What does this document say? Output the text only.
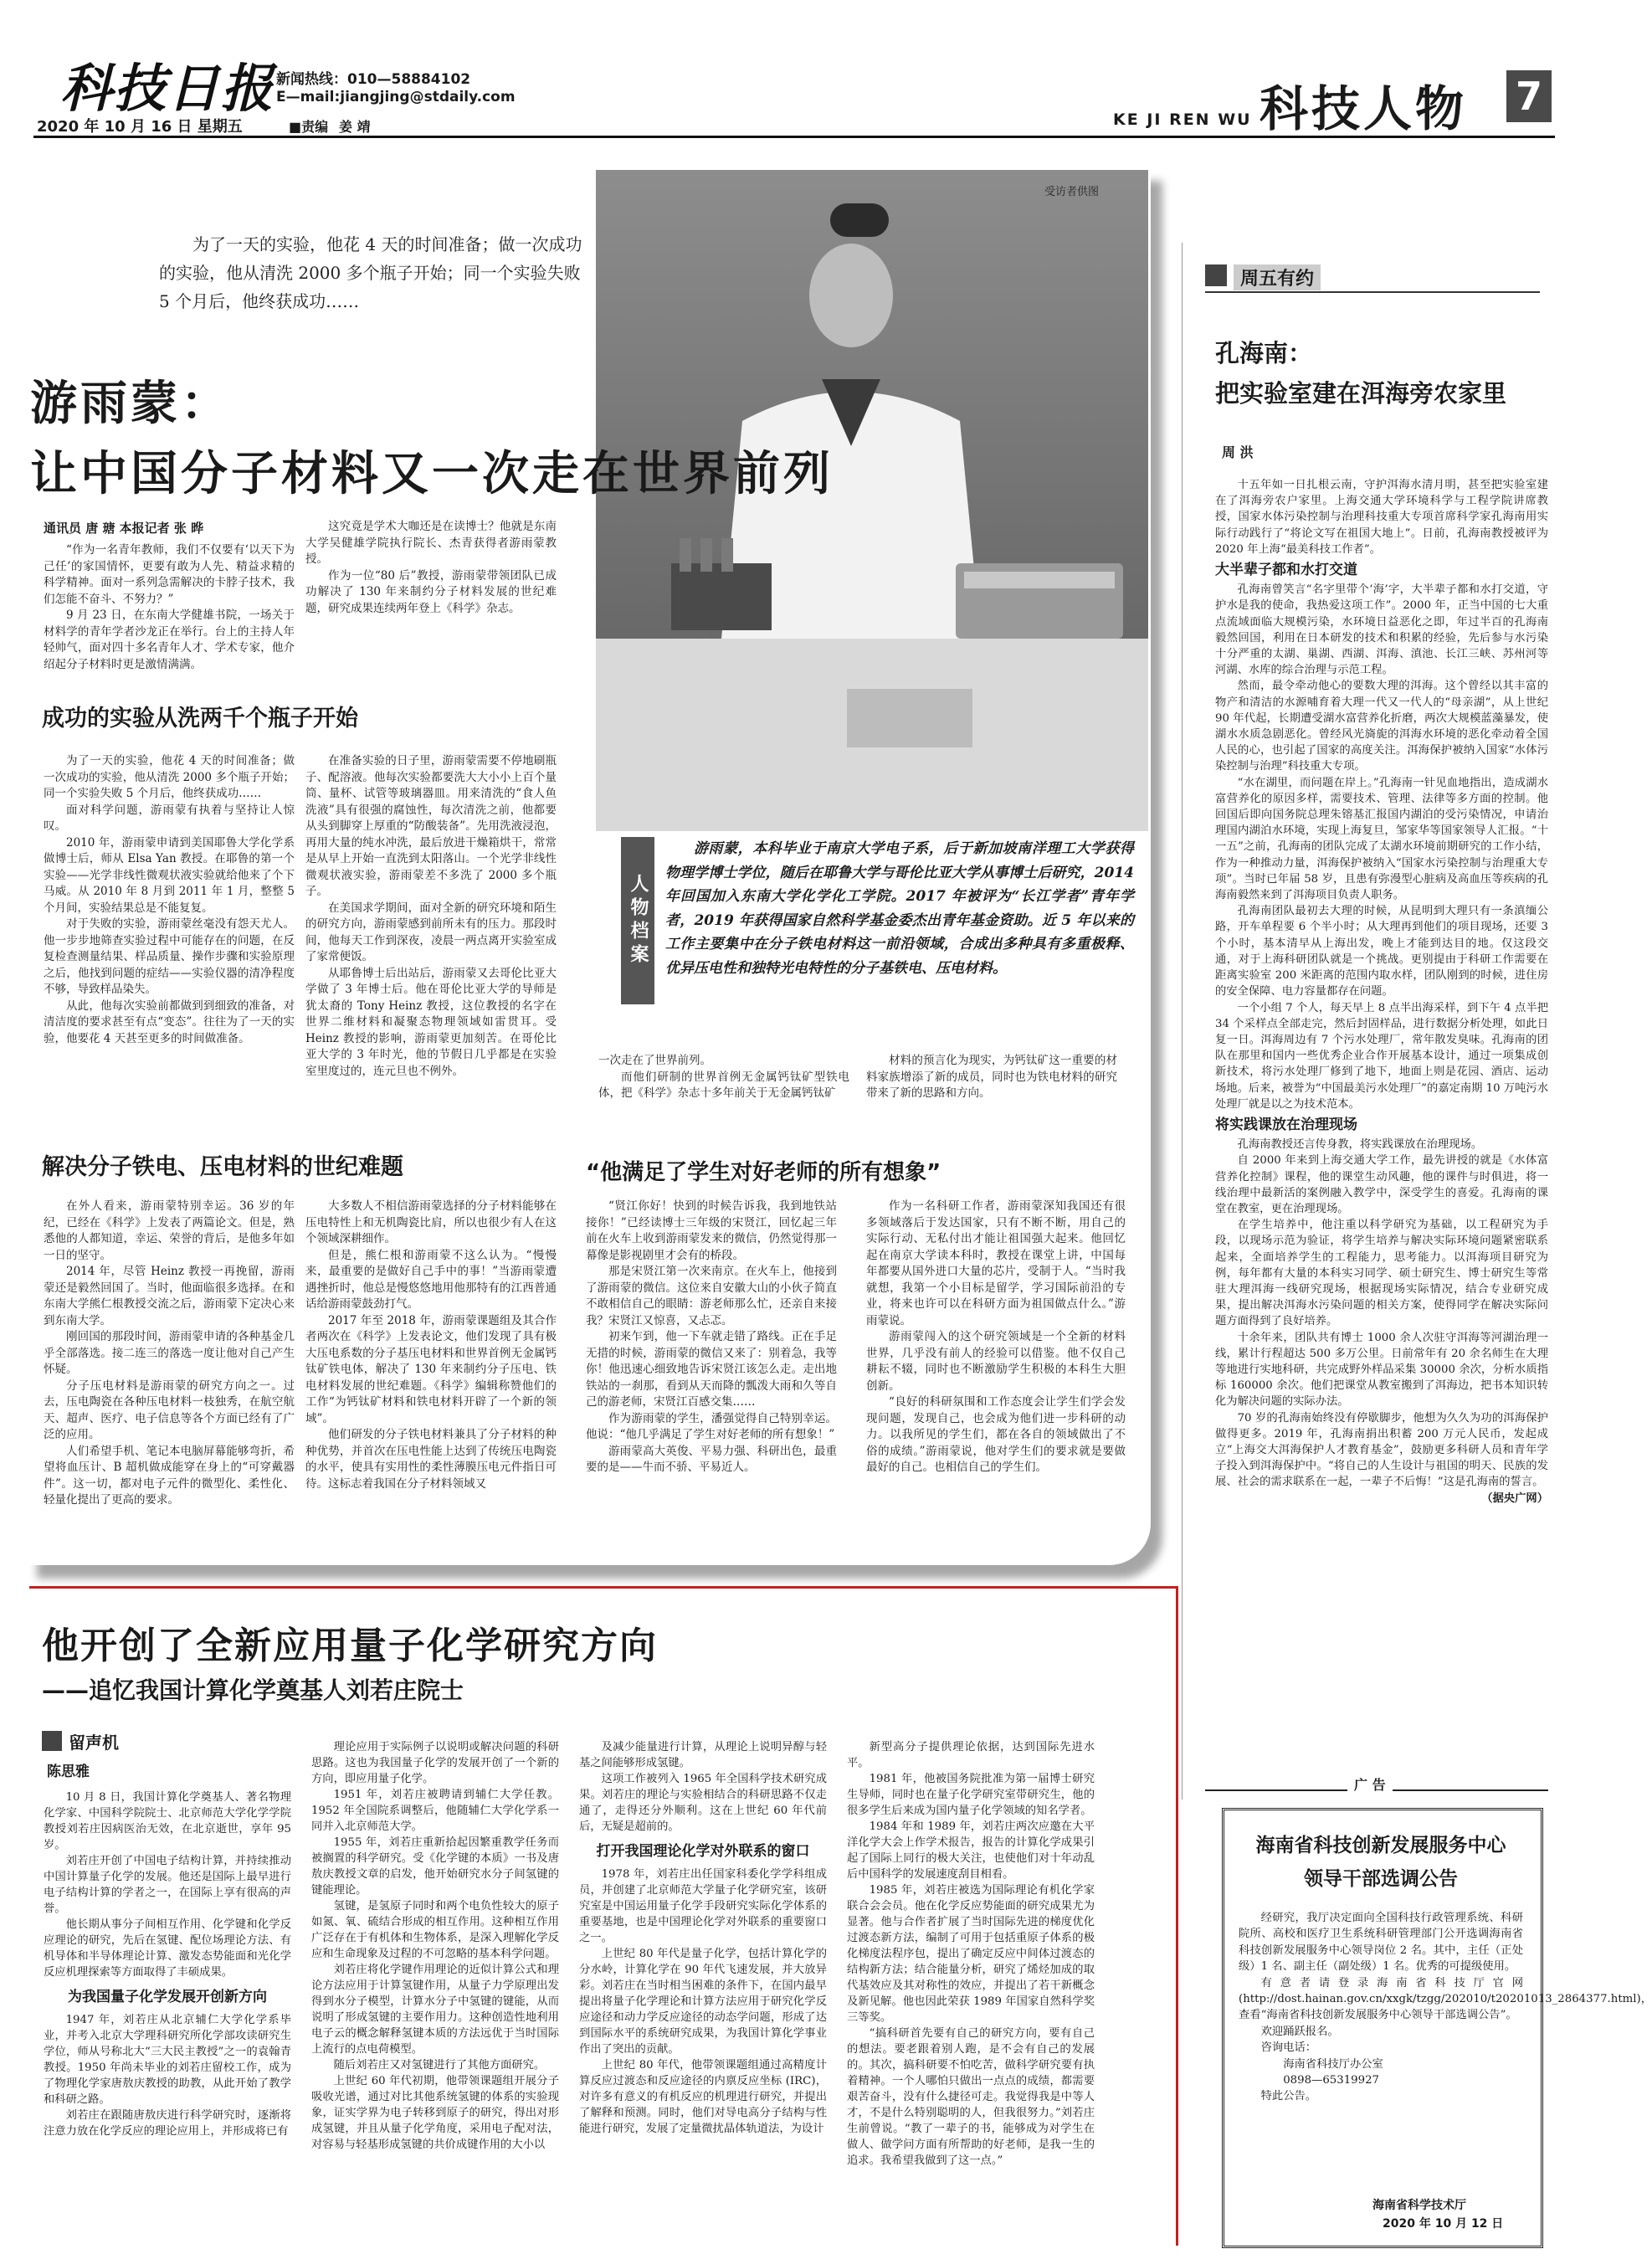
科技日报 新闻热线：010—58884102
E—mail:jiangjing@stdaily.com
2020 年 10 月 16 日 星期五	■责编 姜 靖	KE JI REN WU 科技人物 7
受访者供图
为了一天的实验，他花 4 天的时间准备；做一次成功的实验，他从清洗 2000 多个瓶子开始；同一个实验失败 5 个月后，他终获成功……
游雨蒙：
让中国分子材料又一次走在世界前列
通讯员 唐 瑭 本报记者 张 晔

“作为一名青年教师，我们不仅要有‘以天下为己任’的家国情怀，更要有敢为人先、精益求精的科学精神。面对一系列急需解决的卡脖子技术，我们怎能不奋斗、不努力？”

9 月 23 日，在东南大学健雄书院，一场关于材料学的青年学者沙龙正在举行。台上的主持人年轻帅气，面对四十多名青年人才、学术专家，他介绍起分子材料时更是激情满满。

这究竟是学术大咖还是在读博士？他就是东南大学吴健雄学院执行院长、杰青获得者游雨蒙教授。

作为一位“80 后”教授，游雨蒙带领团队已成功解决了 130 年来制约分子材料发展的世纪难题，研究成果连续两年登上《科学》杂志。

成功的实验从洗两千个瓶子开始

为了一天的实验，他花 4 天的时间准备；做一次成功的实验，他从清洗 2000 多个瓶子开始；同一个实验失败 5 个月后，他终获成功……

面对科学问题，游雨蒙有执着与坚持让人惊叹。

2010 年，游雨蒙申请到美国耶鲁大学化学系做博士后，师从 Elsa Yan 教授。在耶鲁的第一个实验——光学非线性微观状液实验就给他来了个下马威。从 2010 年 8 月到 2011 年 1 月，整整 5 个月间，实验结果总是不能复复。

对于失败的实验，游雨蒙丝毫没有怨天尤人。他一步步地筛查实验过程中可能存在的问题，在反复检查测量结果、样品质量、操作步骤和实验原理之后，他找到问题的症结——实验仪器的清净程度不够，导致样品染失。

从此，他每次实验前都做到到细致的准备，对清洁度的要求甚至有点“变态”。往往为了一天的实验，他要花 4 天甚至更多的时间做准备。

在准备实验的日子里，游雨蒙需要不停地刷瓶子、配溶液。他每次实验都要洗大大小小上百个量筒、量杯、试管等玻璃器皿。用来清洗的“食人鱼洗液”具有很强的腐蚀性，每次清洗之前，他都要从头到脚穿上厚重的“防酸装备”。先用洗液浸泡，再用大量的纯水冲洗，最后放进干燥箱烘干，常常是从早上开始一直洗到太阳落山。一个光学非线性微观状液实验，游雨蒙差不多洗了 2000 多个瓶子。

在美国求学期间，面对全新的研究环境和陌生的研究方向，游雨蒙感到前所未有的压力。那段时间，他每天工作到深夜，凌晨一两点离开实验室成了家常便饭。

从耶鲁博士后出站后，游雨蒙又去哥伦比亚大学做了 3 年博士后。他在哥伦比亚大学的导师是犹太裔的 Tony Heinz 教授，这位教授的名字在世界二维材料和凝聚态物理领域如雷贯耳。受 Heinz 教授的影响，游雨蒙更加刻苦。在哥伦比亚大学的 3 年时光，他的节假日几乎都是在实验室里度过的，连元旦也不例外。

人物档案
游雨蒙，本科毕业于南京大学电子系，后于新加坡南洋理工大学获得物理学博士学位，随后在耶鲁大学与哥伦比亚大学从事博士后研究，2014 年回国加入东南大学化学化工学院。2017 年被评为“长江学者”青年学者，2019 年获得国家自然科学基金委杰出青年基金资助。近 5 年以来的工作主要集中在分子铁电材料这一前沿领域，合成出多种具有多重极释、优异压电性和独特光电特性的分子基铁电、压电材料。

一次走在了世界前列。

而他们研制的世界首例无金属钙钛矿型铁电体，把《科学》杂志十多年前关于无金属钙钛矿

材料的预言化为现实，为钙钛矿这一重要的材料家族增添了新的成员，同时也为铁电材料的研究带来了新的思路和方向。

解决分子铁电、压电材料的世纪难题

在外人看来，游雨蒙特别幸运。36 岁的年纪，已经在《科学》上发表了两篇论文。但是，熟悉他的人都知道，幸运、荣誉的背后，是他多年如一日的坚守。

2014 年，尽管 Heinz 教授一再挽留，游雨蒙还是毅然回国了。当时，他面临很多选择。在和东南大学熊仁根教授交流之后，游雨蒙下定决心来到东南大学。

刚回国的那段时间，游雨蒙申请的各种基金几乎全部落选。接二连三的落选一度让他对自己产生怀疑。

分子压电材料是游雨蒙的研究方向之一。过去，压电陶瓷在各种压电材料一枝独秀，在航空航天、超声、医疗、电子信息等各个方面已经有了广泛的应用。

人们希望手机、笔记本电脑屏幕能够弯折，希望将血压计、B 超机做成能穿在身上的“可穿戴器件”。这一切，都对电子元件的微型化、柔性化、轻量化提出了更高的要求。

大多数人不相信游雨蒙选择的分子材料能够在压电特性上和无机陶瓷比肩，所以也很少有人在这个领域深耕细作。

但是，熊仁根和游雨蒙不这么认为。“慢慢来，最重要的是做好自己手中的事！”当游雨蒙遭遇挫折时，他总是慢悠悠地用他那特有的江西普通话给游雨蒙鼓劲打气。

2017 年至 2018 年，游雨蒙课题组及其合作者两次在《科学》上发表论文，他们发现了具有极大压电系数的分子基压电材料和世界首例无金属钙钛矿铁电体，解决了 130 年来制约分子压电、铁电材料发展的世纪难题。《科学》编辑称赞他们的工作“为钙钛矿材料和铁电材料开辟了一个新的领域”。

他们研发的分子铁电材料兼具了分子材料的种种优势，并首次在压电性能上达到了传统压电陶瓷的水平，使具有实用性的柔性薄膜压电元件指日可待。这标志着我国在分子材料领域又

“他满足了学生对好老师的所有想象”

“贤江你好！快到的时候告诉我，我到地铁站接你！”已经读博士三年级的宋贤江，回忆起三年前在火车上收到游雨蒙发来的微信，仍然觉得那一幕像是影视剧里才会有的桥段。

那是宋贤江第一次来南京。在火车上，他接到了游雨蒙的微信。这位来自安徽大山的小伙子简直不敢相信自己的眼睛：游老师那么忙，还亲自来接我？宋贤江又惊喜，又忐忑。

初来乍到，他一下车就走错了路线。正在手足无措的时候，游雨蒙的微信又来了：别着急，我等你！他迅速心细致地告诉宋贤江该怎么走。走出地铁站的一刹那，看到从天而降的瓢泼大雨和久等自己的游老师，宋贤江百感交集……

作为游雨蒙的学生，潘强觉得自己特别幸运。他说：“他几乎满足了学生对好老师的所有想象！”

游雨蒙高大英俊、平易力强、科研出色，最重要的是——牛而不骄、平易近人。

作为一名科研工作者，游雨蒙深知我国还有很多领域落后于发达国家，只有不断不断，用自己的实际行动、无私付出才能让祖国强大起来。他回忆起在南京大学读本科时，教授在课堂上讲，中国每年都要从国外进口大量的芯片，受制于人。“当时我就想，我第一个小目标是留学，学习国际前沿的专业，将来也许可以在科研方面为祖国做点什么。”游雨蒙说。

游雨蒙闯入的这个研究领域是一个全新的材料世界，几乎没有前人的经验可以借鉴。他不仅自己耕耘不辍，同时也不断激励学生积极的本科生大胆创新。

“良好的科研氛围和工作态度会让学生们学会发现问题，发现自己，也会成为他们进一步科研的动力。以我所见的学生们，都在各自的领域做出了不俗的成绩。”游雨蒙说，他对学生们的要求就是要做最好的自己。也相信自己的学生们。

周五有约
孔海南：
把实验室建在洱海旁农家里
周 洪

十五年如一日扎根云南，守护洱海水清月明，甚至把实验室建在了洱海旁农户家里。上海交通大学环境科学与工程学院讲席教授，国家水体污染控制与治理科技重大专项首席科学家孔海南用实际行动践行了“将论文写在祖国大地上”。日前，孔海南教授被评为 2020 年上海“最美科技工作者”。

大半辈子都和水打交道

孔海南曾笑言“名字里带个‘海’字，大半辈子都和水打交道，守护水是我的使命，我热爱这项工作”。2000 年，正当中国的七大重点流域面临大规模污染，水环境日益恶化之即，年过半百的孔海南毅然回国，利用在日本研发的技术和积累的经验，先后参与水污染十分严重的太湖、巢湖、西湖、洱海、滇池、长江三峡、苏州河等河湖、水库的综合治理与示范工程。

然而，最令牵动他心的要数大理的洱海。这个曾经以其丰富的物产和清洁的水源哺育着大理一代又一代人的“母亲湖”，从上世纪 90 年代起，长期遭受湖水富营养化折磨，两次大规模蓝藻暴发，使湖水水质急剧恶化。曾经风光旖旎的洱海水环境的恶化牵动着全国人民的心，也引起了国家的高度关注。洱海保护被纳入国家“水体污染控制与治理”科技重大专项。

“水在湖里，而问题在岸上。”孔海南一针见血地指出，造成湖水富营养化的原因多样，需要技术、管理、法律等多方面的控制。他回国后即向国务院总理朱镕基汇报国内湖泊的受污染情况，申请治理国内湖泊水环境，实现上海复旦，邹家华等国家领导人汇报。“十一五”之前，孔海南的团队完成了太湖水环境前期研究的工作小结，作为一种推动力量，洱海保护被纳入“国家水污染控制与治理重大专项”。当时已年届 58 岁，且患有弥漫型心脏病及高血压等疾病的孔海南毅然来到了洱海项目负责人职务。

孔海南团队最初去大理的时候，从昆明到大理只有一条滇缅公路，开车单程要 6 个半小时；从大理再到他们的项目现场，还要 3 个小时，基本清早从上海出发，晚上才能到达目的地。仅这段交通，对于上海科研团队就是一个挑战。更别提由于科研工作需要在距离实验室 200 米距离的范围内取水样，团队刚到的时候，进住房的安全保障、电力容量都存在问题。

一个小组 7 个人，每天早上 8 点半出海采样，到下午 4 点半把 34 个采样点全部走完，然后封固样品，进行数据分析处理，如此日复一日。洱海周边有 7 个污水处理厂，常年散发臭味。孔海南的团队在那里和国内一些优秀企业合作开展基本设计，通过一项集成创新技术，将污水处理厂修到了地下，地面上则是花园、酒店、运动场地。后来，被誉为“中国最美污水处理厂”的嘉定南期 10 万吨污水处理厂就是以之为技术范本。

将实践课放在治理现场

孔海南教授还言传身教，将实践课放在治理现场。

自 2000 年来到上海交通大学工作，最先讲授的就是《水体富营养化控制》课程，他的课堂生动风趣，他的课件与时俱进，将一线治理中最新活的案例融入教学中，深受学生的喜爱。孔海南的课堂在教室，更在治理现场。

在学生培养中，他注重以科学研究为基础，以工程研究为手段，以现场示范为验证，将学生培养与解决实际环境问题紧密联系起来，全面培养学生的工程能力，思考能力。以洱海项目研究为例，每年都有大量的本科实习同学、硕士研究生、博士研究生等常驻大理洱海一线研究现场，根据现场实际情况，结合专业研究成果，提出解决洱海水污染问题的相关方案，使得同学在解决实际问题方面得到了良好培养。

十余年来，团队共有博士 1000 余人次驻守洱海等河湖治理一线，累计行程超达 500 多万公里。日前常年有 20 余名师生在大理等地进行实地科研，共完成野外样品采集 30000 余次，分析水质指标 160000 余次。他们把课堂从教室搬到了洱海边，把书本知识转化为解决问题的实际办法。

70 岁的孔海南始终没有停歇脚步，他想为久久为功的洱海保护做得更多。2019 年，孔海南捐出积蓄 200 万元人民币，发起成立“上海交大洱海保护人才教育基金”，鼓励更多科研人员和青年学子投入到洱海保护中。“将自己的人生设计与祖国的明天、民族的发展、社会的需求联系在一起，一辈子不后悔！”这是孔海南的誓言。

（据央广网）
他开创了全新应用量子化学研究方向
——追忆我国计算化学奠基人刘若庄院士
留声机
陈思雅

10 月 8 日，我国计算化学奠基人、著名物理化学家、中国科学院院士、北京师范大学化学学院教授刘若庄因病医治无效，在北京逝世，享年 95 岁。

刘若庄开创了中国电子结构计算，并持续推动中国计算量子化学的发展。他还是国际上最早进行电子结构计算的学者之一，在国际上享有很高的声誉。

他长期从事分子间相互作用、化学键和化学反应理论的研究，先后在氢键、配位场理论方法、有机导体和半导体理论计算、激发态势能面和光化学反应机理探索等方面取得了丰硕成果。

为我国量子化学发展开创新方向

1947 年，刘若庄从北京辅仁大学化学系毕业，并考入北京大学理科研究所化学部攻读研究生学位，师从号称北大“三大民主教授”之一的袁翰青教授。1950 年尚未毕业的刘若庄留校工作，成为了物理化学家唐敖庆教授的助教，从此开始了教学和科研之路。

刘若庄在跟随唐敖庆进行科学研究时，逐渐将注意力放在化学反应的理论应用上，并形成将已有

理论应用于实际例子以说明或解决问题的科研思路。这也为我国量子化学的发展开创了一个新的方向，即应用量子化学。

1951 年，刘若庄被聘请到辅仁大学任教。1952 年全国院系调整后，他随辅仁大学化学系一同并入北京师范大学。

1955 年，刘若庄重新拾起因繁重教学任务而被搁置的科学研究。受《化学键的本质》一书及唐敖庆教授文章的启发，他开始研究水分子间氢键的键能理论。

氢键，是氢原子同时和两个电负性较大的原子如氮、氧、硫结合形成的相互作用。这种相互作用广泛存在于有机体和生物体系，是深入理解化学反应和生命现象及过程的不可忽略的基本科学问题。

刘若庄将化学键作用理论的近似计算公式和理论方法应用于计算氢键作用，从量子力学原理出发得到水分子模型，计算水分子中氢键的键能，从而说明了形成氢键的主要作用力。这种创造性地利用电子云的概念解释氢键本质的方法远优于当时国际上流行的点电荷模型。

随后刘若庄又对氢键进行了其他方面研究。

上世纪 60 年代初期，他带领课题组开展分子吸收光谱，通过对比其他系统氢键的体系的实验现象，证实学界为电子转移到原子的研究，得出对形成氢键，并且从量子化学角度，采用电子配对法，对容易与轻基形成氢键的共价成键作用的大小以

及减少能量进行计算，从理论上说明异醇与轻基之间能够形成氢键。

这项工作被列入 1965 年全国科学技术研究成果。刘若庄的理论与实验相结合的科研思路不仅走通了，走得还分外顺利。这在上世纪 60 年代前后，无疑是超前的。

打开我国理论化学对外联系的窗口

1978 年，刘若庄出任国家科委化学学科组成员，并创建了北京师范大学量子化学研究室，该研究室是中国运用量子化学手段研究实际化学体系的重要基地，也是中国理论化学对外联系的重要窗口之一。

上世纪 80 年代是量子化学，包括计算化学的分水岭，计算化学在 90 年代飞速发展，并大放异彩。刘若庄在当时相当困难的条件下，在国内最早提出将量子化学理论和计算方法应用于研究化学反应途径和动力学反应途径的动态学问题，形成了达到国际水平的系统研究成果，为我国计算化学事业作出了突出的贡献。

上世纪 80 年代，他带领课题组通过高精度计算反应过渡态和反应途径的内禀反应坐标 (IRC)，对许多有意义的有机反应的机理进行研究，并提出了解释和预测。同时，他们对导电高分子结构与性能进行研究，发展了定量微扰晶体轨道法，为设计

新型高分子提供理论依据，达到国际先进水平。

1981 年，他被国务院批准为第一届博士研究生导师，同时也在量子化学研究室带研究生，他的很多学生后来成为国内量子化学领域的知名学者。

1984 年和 1989 年，刘若庄两次应邀在大平洋化学大会上作学术报告，报告的计算化学成果引起了国际上同行的极大关注，也使他们对十年动乱后中国科学的发展速度刮目相看。

1985 年，刘若庄被选为国际理论有机化学家联合会会员。他在化学反应势能面的研究成果尤为显著。他与合作者扩展了当时国际先进的梯度优化过渡态新方法，编制了可用于包括重原子体系的极化梯度法程序包，提出了确定反应中间体过渡态的结构新方法；结合能量分析，研究了烯烃加成的取代基效应及其对称性的效应，并提出了若干新概念及新见解。他也因此荣获 1989 年国家自然科学奖三等奖。

“搞科研首先要有自己的研究方向，要有自己的想法。要老跟着别人跑，是不会有自己的发展的。其次，搞科研要不怕吃苦，做科学研究要有执着精神。一个人哪怕只做出一点点的成绩，都需要艰苦奋斗，没有什么捷径可走。我觉得我是中等人才，不是什么特别聪明的人，但我很努力。”刘若庄生前曾说。“教了一辈子的书，能够成为对学生在做人、做学问方面有所帮助的好老师，是我一生的追求。我希望我做到了这一点。”

广 告
海南省科技创新发展服务中心
领导干部选调公告

经研究，我厅决定面向全国科技行政管理系统、科研院所、高校和医疗卫生系统科研管理部门公开选调海南省科技创新发展服务中心领导岗位 2 名。其中，主任（正处级）1 名、副主任（副处级）1 名。优秀的可提级使用。

有意者请登录海南省科技厅官网 (http://dost.hainan.gov.cn/xxgk/tzgg/202010/t20201013_2864377.html)，查看“海南省科技创新发展服务中心领导干部选调公告”。

欢迎踊跃报名。

咨询电话：

海南省科技厅办公室

0898—65319927

特此公告。

海南省科学技术厅
2020 年 10 月 12 日
